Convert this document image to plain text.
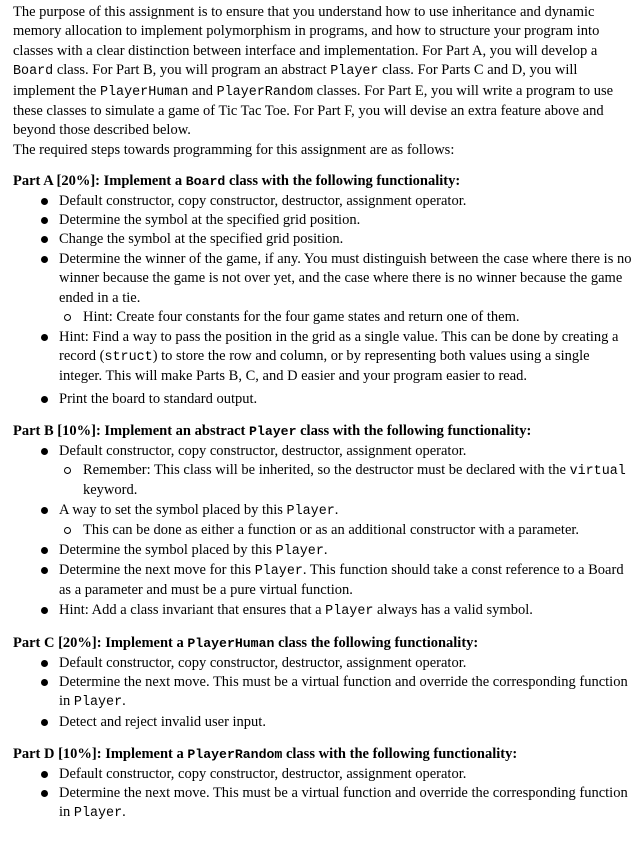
The purpose of this assignment is to ensure that you understand how to use inheritance and dynamic memory allocation to implement polymorphism in programs, and how to structure your program into classes with a clear distinction between interface and implementation. For Part A, you will develop a Board class. For Part B, you will program an abstract Player class. For Parts C and D, you will implement the PlayerHuman and PlayerRandom classes. For Part E, you will write a program to use these classes to simulate a game of Tic Tac Toe. For Part F, you will devise an extra feature above and beyond those described below.

The required steps towards programming for this assignment are as follows:

Part A [20%]: Implement a Board class with the following functionality:
Default constructor, copy constructor, destructor, assignment operator.
Determine the symbol at the specified grid position.
Change the symbol at the specified grid position.
Determine the winner of the game, if any. You must distinguish between the case where there is no winner because the game is not over yet, and the case where there is no winner because the game ended in a tie.
Hint: Create four constants for the four game states and return one of them.
Hint: Find a way to pass the position in the grid as a single value. This can be done by creating a record (struct) to store the row and column, or by representing both values using a single integer. This will make Parts B, C, and D easier and your program easier to read.
Print the board to standard output.
Part B [10%]: Implement an abstract Player class with the following functionality:
Default constructor, copy constructor, destructor, assignment operator.
Remember: This class will be inherited, so the destructor must be declared with the virtual keyword.
A way to set the symbol placed by this Player.
This can be done as either a function or as an additional constructor with a parameter.
Determine the symbol placed by this Player.
Determine the next move for this Player. This function should take a const reference to a Board as a parameter and must be a pure virtual function.
Hint: Add a class invariant that ensures that a Player always has a valid symbol.
Part C [20%]: Implement a PlayerHuman class the following functionality:
Default constructor, copy constructor, destructor, assignment operator.
Determine the next move. This must be a virtual function and override the corresponding function in Player.
Detect and reject invalid user input.
Part D [10%]: Implement a PlayerRandom class with the following functionality:
Default constructor, copy constructor, destructor, assignment operator.
Determine the next move. This must be a virtual function and override the corresponding function in Player.
